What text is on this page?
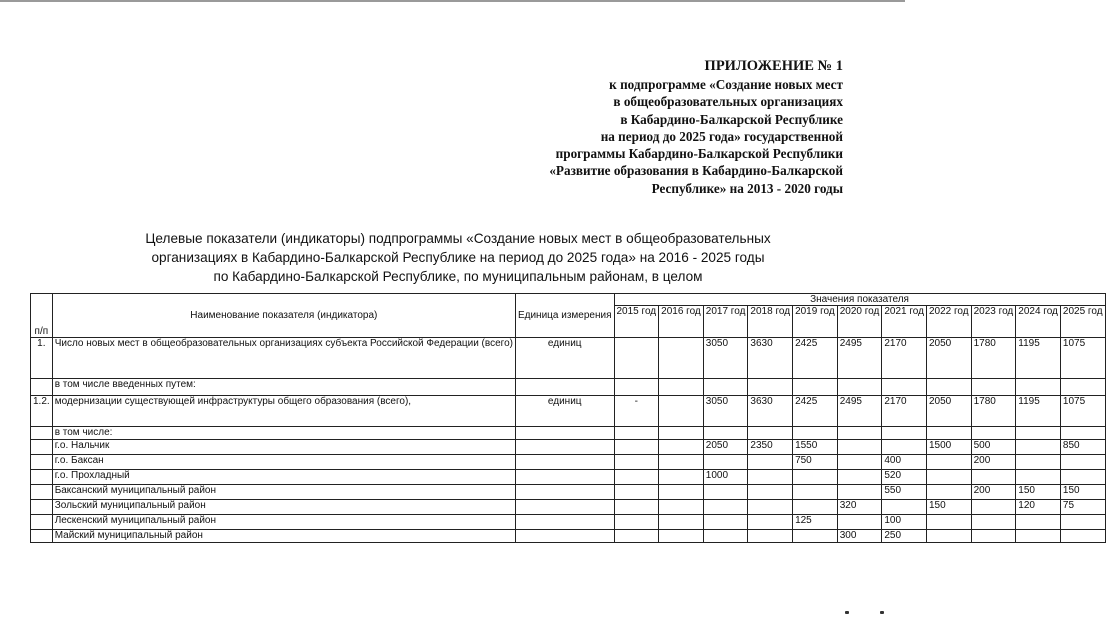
ПРИЛОЖЕНИЕ № 1
к подпрограмме «Создание новых мест
в общеобразовательных организациях
в Кабардино-Балкарской Республике
на период до 2025 года» государственной
программы Кабардино-Балкарской Республики
«Развитие образования в Кабардино-Балкарской
Республике» на 2013 - 2020 годы
Целевые показатели (индикаторы) подпрограммы «Создание новых мест в общеобразовательных
организациях в Кабардино-Балкарской Республике на период до 2025 года» на 2016 - 2025 годы
по Кабардино-Балкарской Республике, по муниципальным районам, в целом
п/п	Наименование показателя (индикатора)	Единица измерения	Значения показателя										
			2015 год	2016 год	2017 год	2018 год	2019 год	2020 год	2021 год	2022 год	2023 год	2024 год	2025 год
1.	Число новых мест в общеобразовательных организациях субъекта Российской Федерации (всего)	единиц			3050	3630	2425	2495	2170	2050	1780	1195	1075
	в том числе введенных путем:												
1.2.	модернизации существующей инфраструктуры общего образования (всего),	единиц	-		3050	3630	2425	2495	2170	2050	1780	1195	1075
	в том числе:												
	г.о. Нальчик				2050	2350	1550			1500	500		850
	г.о. Баксан						750		400		200		
	г.о. Прохладный				1000				520				
	Баксанский муниципальный район								550		200	150	150
	Зольский муниципальный район							320		150		120	75
	Лескенский муниципальный район						125		100				
	Майский муниципальный район							300	250				
